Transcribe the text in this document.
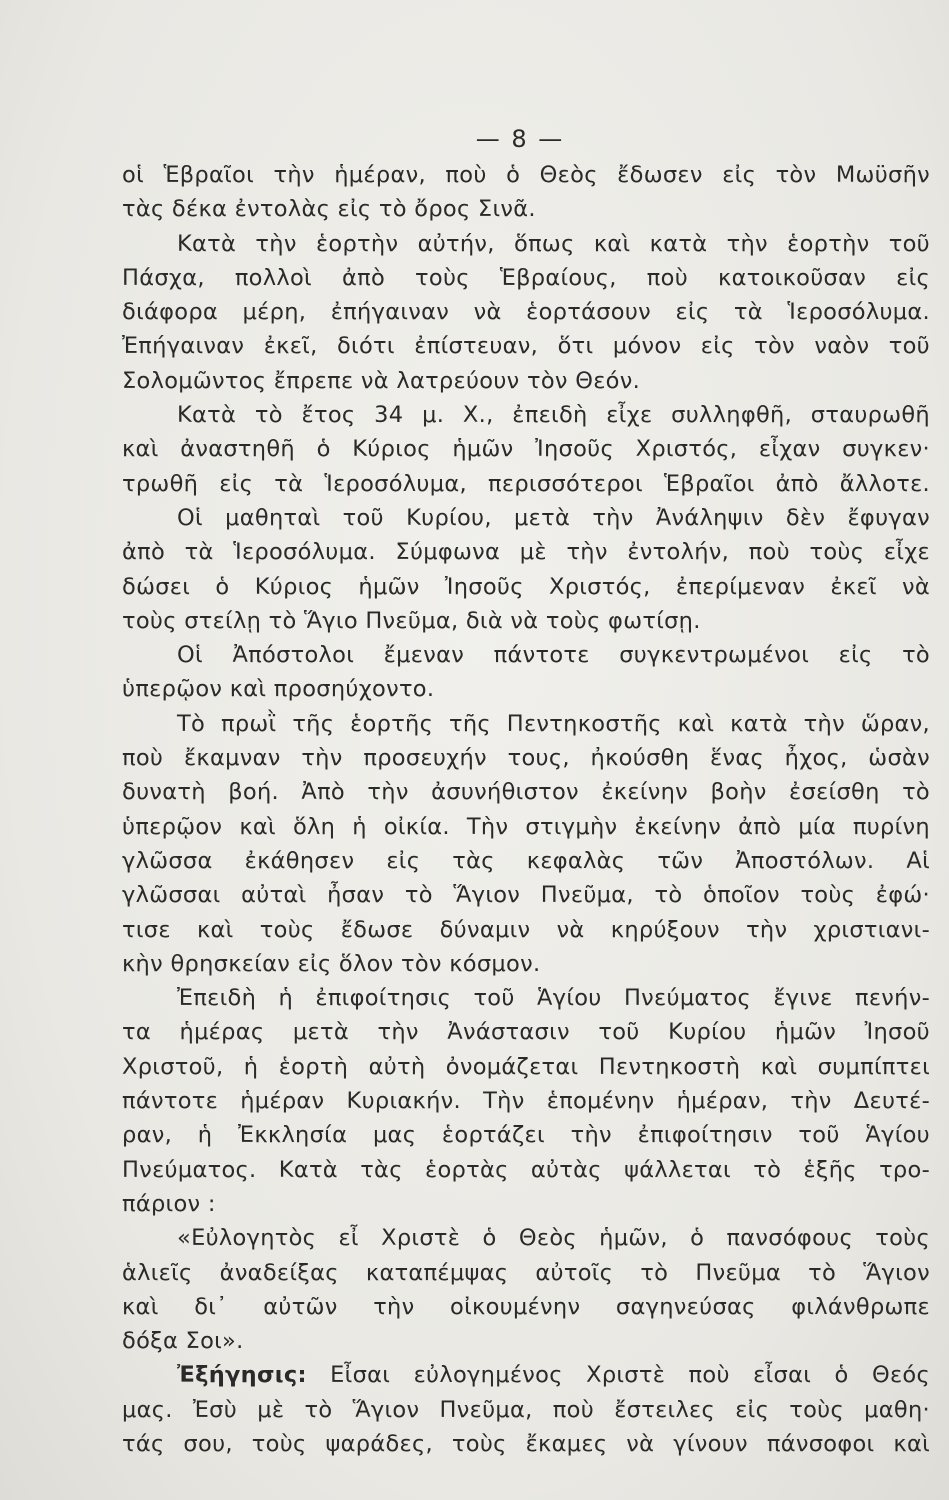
— 8 —
οἱ Ἑβραῖοι τὴν ἡμέραν, ποὺ ὁ Θεὸς ἔδωσεν εἰς τὸν Μωϋσῆν
τὰς δέκα ἐντολὰς εἰς τὸ ὄρος Σινᾶ.
Κατὰ τὴν ἑορτὴν αὐτήν, ὅπως καὶ κατὰ τὴν ἑορτὴν τοῦ
Πάσχα, πολλοὶ ἀπὸ τοὺς Ἑβραίους, ποὺ κατοικοῦσαν εἰς
διάφορα μέρη, ἐπήγαιναν νὰ ἑορτάσουν εἰς τὰ Ἱεροσόλυμα.
Ἐπήγαιναν ἐκεῖ, διότι ἐπίστευαν, ὅτι μόνον εἰς τὸν ναὸν τοῦ
Σολομῶντος ἔπρεπε νὰ λατρεύουν τὸν Θεόν.
Κατὰ τὸ ἔτος 34 μ. Χ., ἐπειδὴ εἶχε συλληφθῆ, σταυρωθῆ
καὶ ἀναστηθῆ ὁ Κύριος ἡμῶν Ἰησοῦς Χριστός, εἶχαν συγκεν·
τρωθῆ εἰς τὰ Ἱεροσόλυμα, περισσότεροι Ἑβραῖοι ἀπὸ ἄλλοτε.
Οἱ μαθηταὶ τοῦ Κυρίου, μετὰ τὴν Ἀνάληψιν δὲν ἔφυγαν
ἀπὸ τὰ Ἱεροσόλυμα. Σύμφωνα μὲ τὴν ἐντολήν, ποὺ τοὺς εἶχε
δώσει ὁ Κύριος ἡμῶν Ἰησοῦς Χριστός, ἐπερίμεναν ἐκεῖ νὰ
τοὺς στείλῃ τὸ Ἅγιο Πνεῦμα, διὰ νὰ τοὺς φωτίσῃ.
Οἱ Ἀπόστολοι ἔμεναν πάντοτε συγκεντρωμένοι εἰς τὸ
ὑπερῷον καὶ προσηύχοντο.
Τὸ πρωῒ τῆς ἑορτῆς τῆς Πεντηκοστῆς καὶ κατὰ τὴν ὥραν,
ποὺ ἔκαμναν τὴν προσευχήν τους, ἠκούσθη ἕνας ἦχος, ὡσὰν
δυνατὴ βοή. Ἀπὸ τὴν ἀσυνήθιστον ἐκείνην βοὴν ἐσείσθη τὸ
ὑπερῷον καὶ ὅλη ἡ οἰκία. Τὴν στιγμὴν ἐκείνην ἀπὸ μία πυρίνη
γλῶσσα ἐκάθησεν εἰς τὰς κεφαλὰς τῶν Ἀποστόλων. Αἱ
γλῶσσαι αὐταὶ ἦσαν τὸ Ἅγιον Πνεῦμα, τὸ ὁποῖον τοὺς ἐφώ·
τισε καὶ τοὺς ἔδωσε δύναμιν νὰ κηρύξουν τὴν χριστιανι-
κὴν θρησκείαν εἰς ὅλον τὸν κόσμον.
Ἐπειδὴ ἡ ἐπιφοίτησις τοῦ Ἁγίου Πνεύματος ἔγινε πενήν-
τα ἡμέρας μετὰ τὴν Ἀνάστασιν τοῦ Κυρίου ἡμῶν Ἰησοῦ
Χριστοῦ, ἡ ἑορτὴ αὐτὴ ὀνομάζεται Πεντηκοστὴ καὶ συμπίπτει
πάντοτε ἡμέραν Κυριακήν. Τὴν ἑπομένην ἡμέραν, τὴν Δευτέ-
ραν, ἡ Ἐκκλησία μας ἑορτάζει τὴν ἐπιφοίτησιν τοῦ Ἁγίου
Πνεύματος. Κατὰ τὰς ἑορτὰς αὐτὰς ψάλλεται τὸ ἑξῆς τρο-
πάριον :
«Εὐλογητὸς εἶ Χριστὲ ὁ Θεὸς ἡμῶν, ὁ πανσόφους τοὺς
ἁλιεῖς ἀναδείξας καταπέμψας αὐτοῖς τὸ Πνεῦμα τὸ Ἅγιον
καὶ δι᾽ αὐτῶν τὴν οἰκουμένην σαγηνεύσας φιλάνθρωπε
δόξα Σοι».
Ἐξήγησις: Εἶσαι εὐλογημένος Χριστὲ ποὺ εἶσαι ὁ Θεός
μας. Ἐσὺ μὲ τὸ Ἅγιον Πνεῦμα, ποὺ ἔστειλες εἰς τοὺς μαθη·
τάς σου, τοὺς ψαράδες, τοὺς ἔκαμες νὰ γίνουν πάνσοφοι καὶ
